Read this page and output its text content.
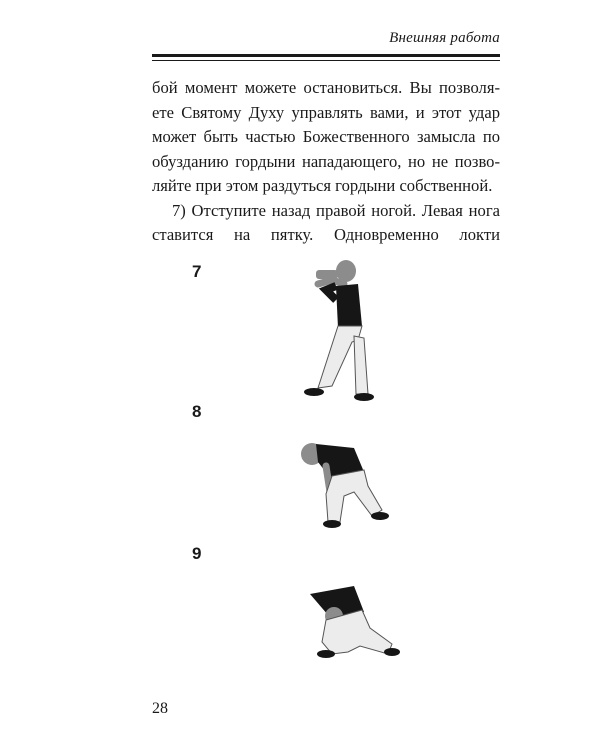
Внешняя работа

бой момент можете остановиться. Вы позволя- ете Святому Духу управлять вами, и этот удар может быть частью Божественного замысла по обузданию гордыни нападающего, но не позво- ляйте при этом раздуться гордыни собственной.

7) Отступите назад правой ногой. Левая нога ставится на пятку. Одновременно локти

7
8
9
28
